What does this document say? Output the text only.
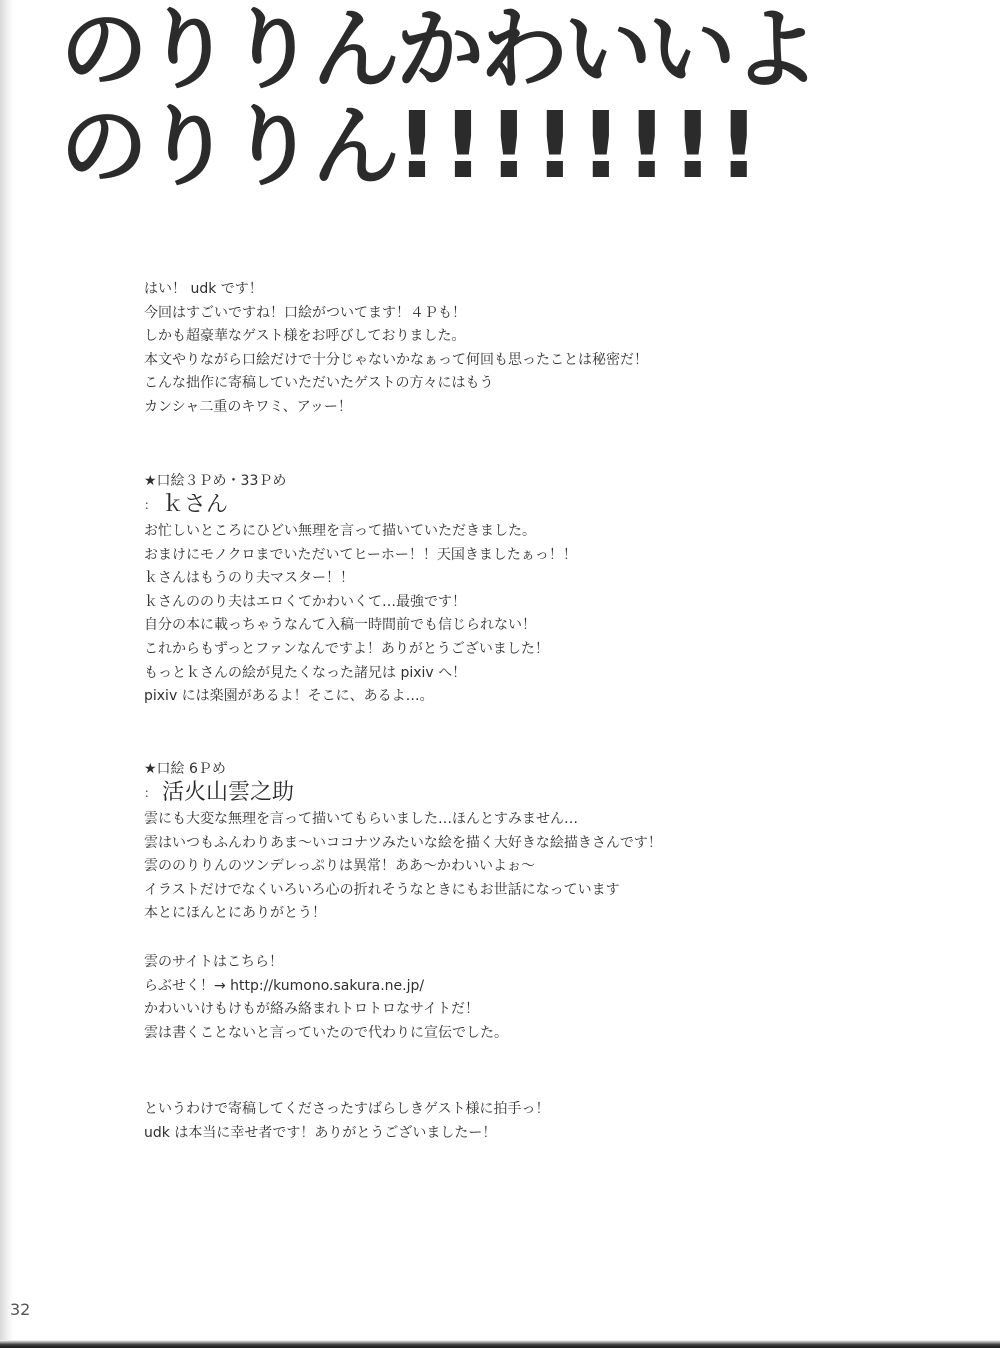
のりりんかわいいよ
のりりん!!!!!!!!

はい！ udk です！

今回はすごいですね！口絵がついてます！４Ｐも！

しかも超豪華なゲスト様をお呼びしておりました。

本文やりながら口絵だけで十分じゃないかなぁって何回も思ったことは秘密だ！

こんな拙作に寄稿していただいたゲストの方々にはもう

カンシャ二重のキワミ、アッー！

★口絵３Ｐめ・33Ｐめ

： ｋさん

お忙しいところにひどい無理を言って描いていただきました。

おまけにモノクロまでいただいてヒーホー！！天国きましたぁっ！！

ｋさんはもうのり夫マスター！！

ｋさんののり夫はエロくてかわいくて…最強です！

自分の本に載っちゃうなんて入稿一時間前でも信じられない！

これからもずっとファンなんですよ！ありがとうございました！

もっとｋさんの絵が見たくなった諸兄は pixiv へ！

pixiv には楽園があるよ！そこに、あるよ…。

★口絵 6Ｐめ

： 活火山雲之助

雲にも大変な無理を言って描いてもらいました…ほんとすみません…

雲はいつもふんわりあま～いココナツみたいな絵を描く大好きな絵描きさんです！

雲ののりりんのツンデレっぷりは異常！ああ～かわいいよぉ～

イラストだけでなくいろいろ心の折れそうなときにもお世話になっています

本とにほんとにありがとう！

雲のサイトはこちら！

らぶせく！→ http://kumono.sakura.ne.jp/

かわいいけもけもが絡み絡まれトロトロなサイトだ！

雲は書くことないと言っていたので代わりに宣伝でした。

というわけで寄稿してくださったすばらしきゲスト様に拍手っ！

udk は本当に幸せ者です！ありがとうございましたー！

32
